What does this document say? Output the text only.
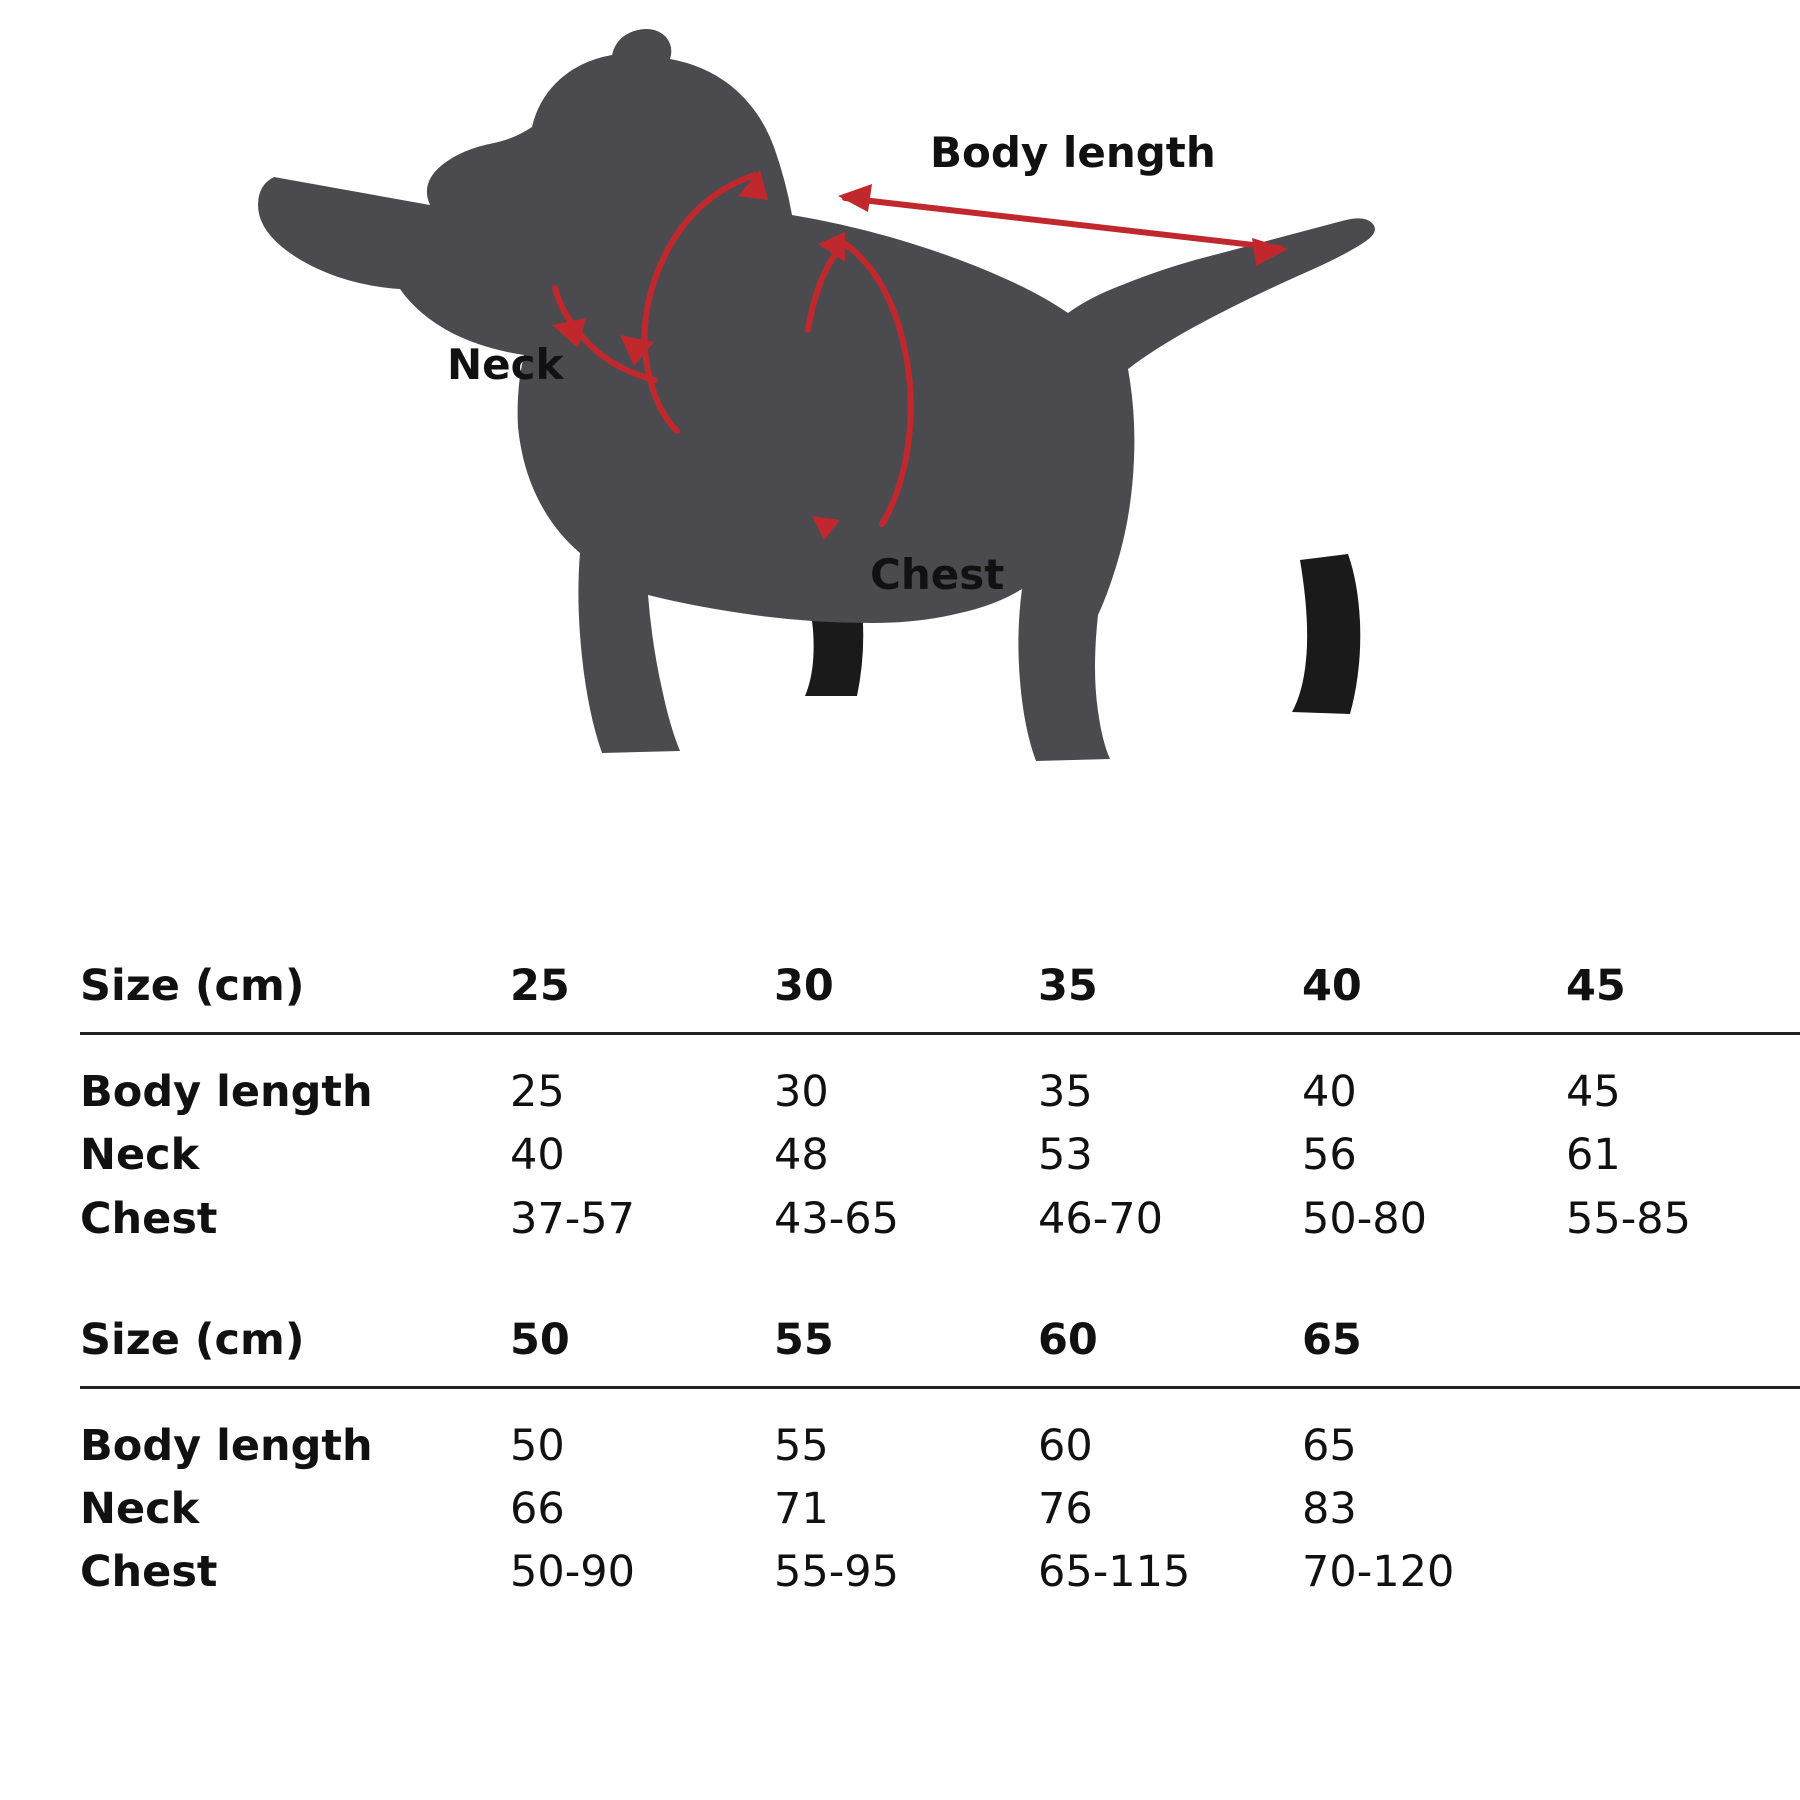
Body length
Neck
Chest
Size (cm)	25	30	35	40	45
Body length	25	30	35	40	45
Neck	40	48	53	56	61
Chest	37-57	43-65	46-70	50-80	55-85
Size (cm)	50	55	60	65	
Body length	50	55	60	65	
Neck	66	71	76	83	
Chest	50-90	55-95	65-115	70-120	
